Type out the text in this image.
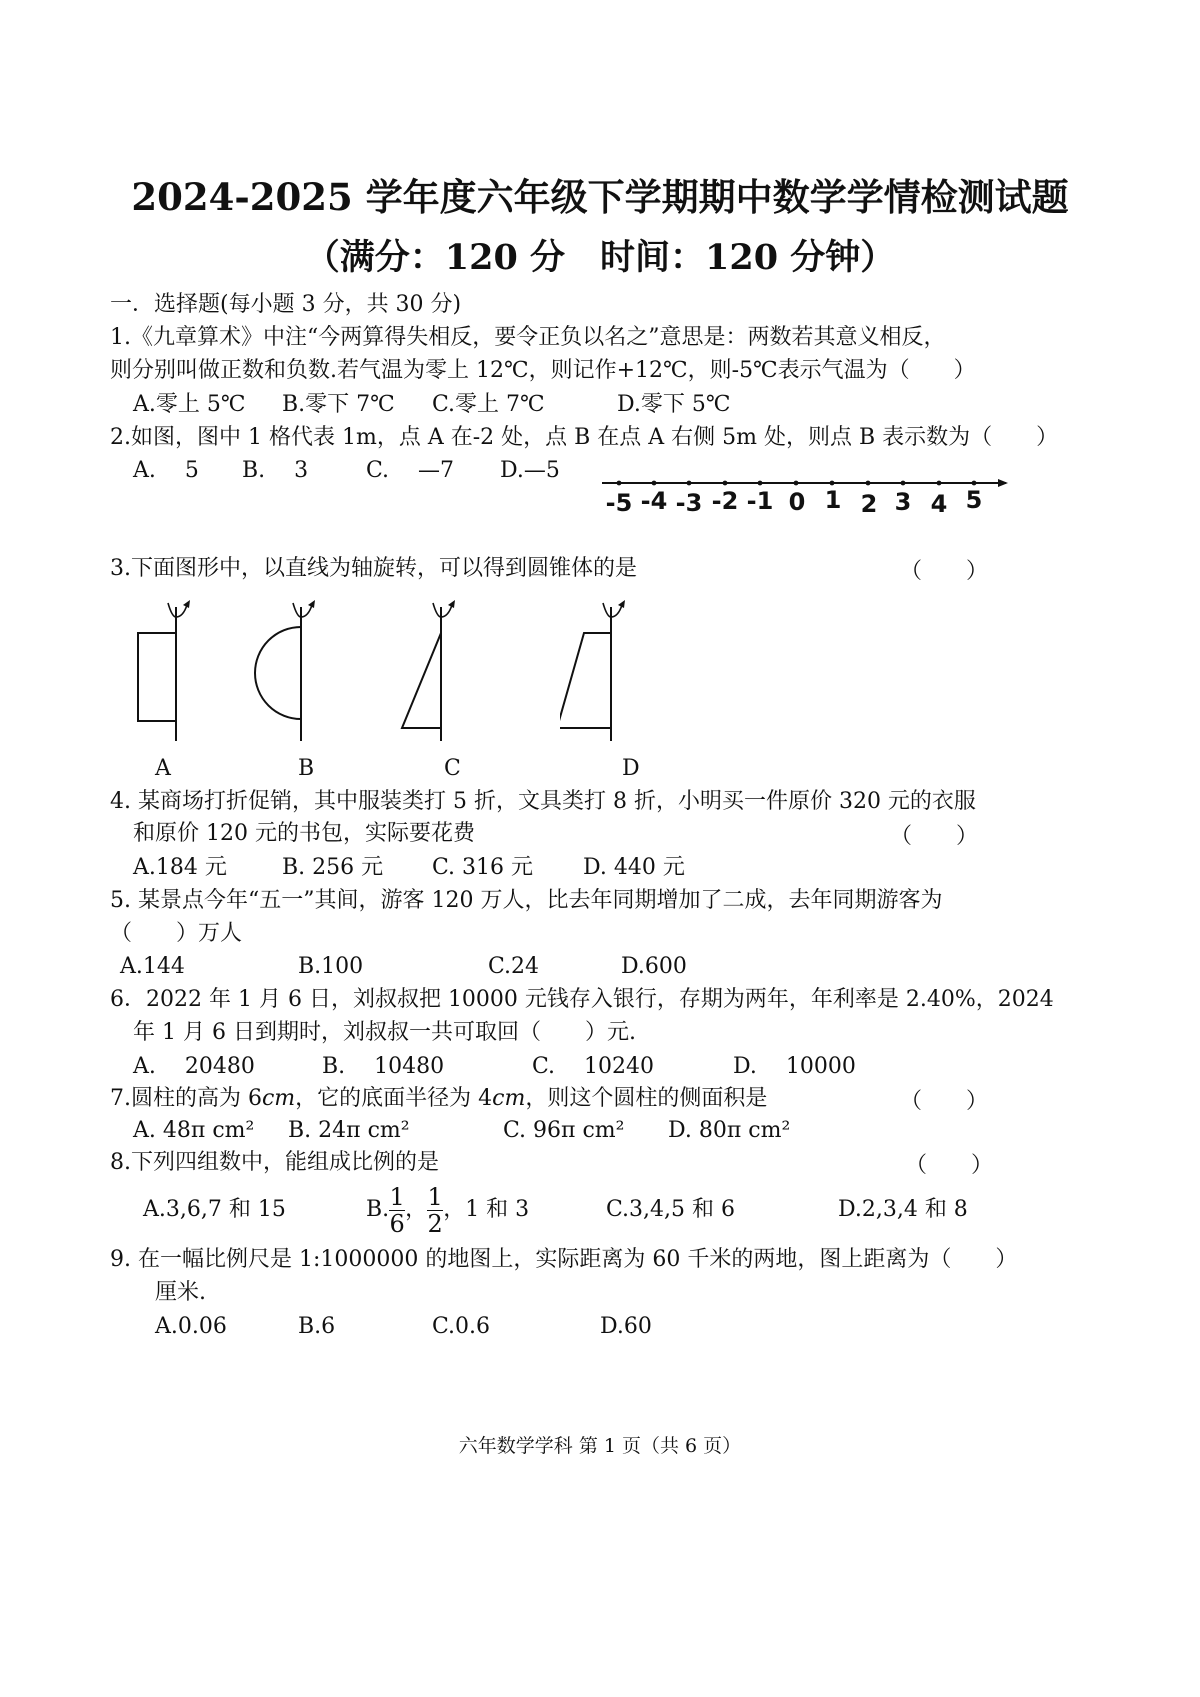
2024-2025 学年度六年级下学期期中数学学情检测试题
（满分：120 分　时间：120 分钟）
一．选择题(每小题 3 分，共 30 分)
1.《九章算术》中注“今两算得失相反，要令正负以名之”意思是：两数若其意义相反，
则分别叫做正数和负数.若气温为零上 12℃，则记作+12℃，则-5℃表示气温为（　　）
A.零上 5℃ B.零下 7℃ C.零上 7℃	D.零下 5℃
2.如图，图中 1 格代表 1m，点 A 在-2 处，点 B 在点 A 右侧 5m 处，则点 B 表示数为（　　）
A.　 5 B.　 3	C.　 —7 D.—5
-5 -4 -3 -2 -1 0 1 2 3 4 5
3.下面图形中，以直线为轴旋转，可以得到圆锥体的是	（　　）
A	B	C	D
4. 某商场打折促销，其中服装类打 5 折，文具类打 8 折，小明买一件原价 320 元的衣服
和原价 120 元的书包，实际要花费	（　　）
A.184 元	B. 256 元 C. 316 元 D. 440 元
5. 某景点今年“五一”其间，游客 120 万人，比去年同期增加了二成，去年同期游客为
（　　）万人
A.144	B.100	C.24	D.600
6．2022 年 1 月 6 日，刘叔叔把 10000 元钱存入银行，存期为两年，年利率是 2.40%，2024
年 1 月 6 日到期时，刘叔叔一共可取回（　　）元.
A.　 20480	B.　 10480	C.　 10240	D.　 10000
7.圆柱的高为 6cm，它的底面半径为 4cm，则这个圆柱的侧面积是	（　　）
A. 48π cm² B. 24π cm²	C. 96π cm² D. 80π cm²
8.下列四组数中，能组成比例的是	（　　）
A.3,6,7 和 15	B. $\frac{1}{6}$ ， $\frac{1}{2}$ ，1 和 3	C.3,4,5 和 6	D.2,3,4 和 8
9. 在一幅比例尺是 1:1000000 的地图上，实际距离为 60 千米的两地，图上距离为（　　）
厘米.
A.0.06	B.6	C.0.6	D.60
六年数学学科 第 1 页（共 6 页）
